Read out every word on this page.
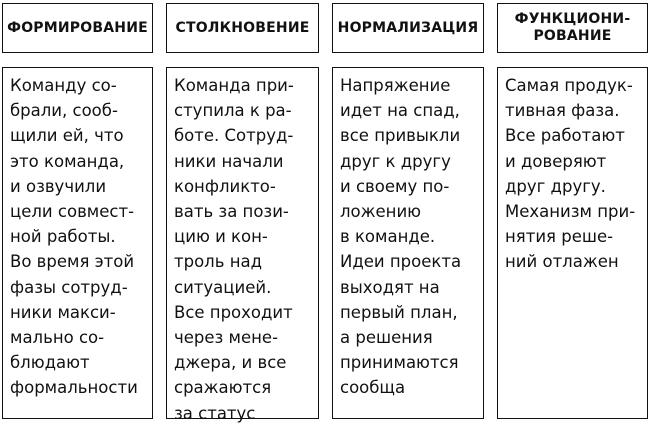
ФОРМИРОВАНИЕ
Команду со-
брали, сооб-
щили ей, что
это команда,
и озвучили
цели совмест-
ной работы.
Во время этой
фазы сотруд-
ники макси-
мально со-
блюдают
формальности
СТОЛКНОВЕНИЕ
Команда при-
ступила к ра-
боте. Сотруд-
ники начали
конфликто-
вать за пози-
цию и кон-
троль над
ситуацией.
Все проходит
через мене-
джера, и все
сражаются
за статус
НОРМАЛИЗАЦИЯ
Напряжение
идет на спад,
все привыкли
друг к другу
и своему по-
ложению
в команде.
Идеи проекта
выходят на
первый план,
а решения
принимаются
сообща
ФУНКЦИОНИ-
РОВАНИЕ
Самая продук-
тивная фаза.
Все работают
и доверяют
друг другу.
Механизм при-
нятия реше-
ний отлажен
